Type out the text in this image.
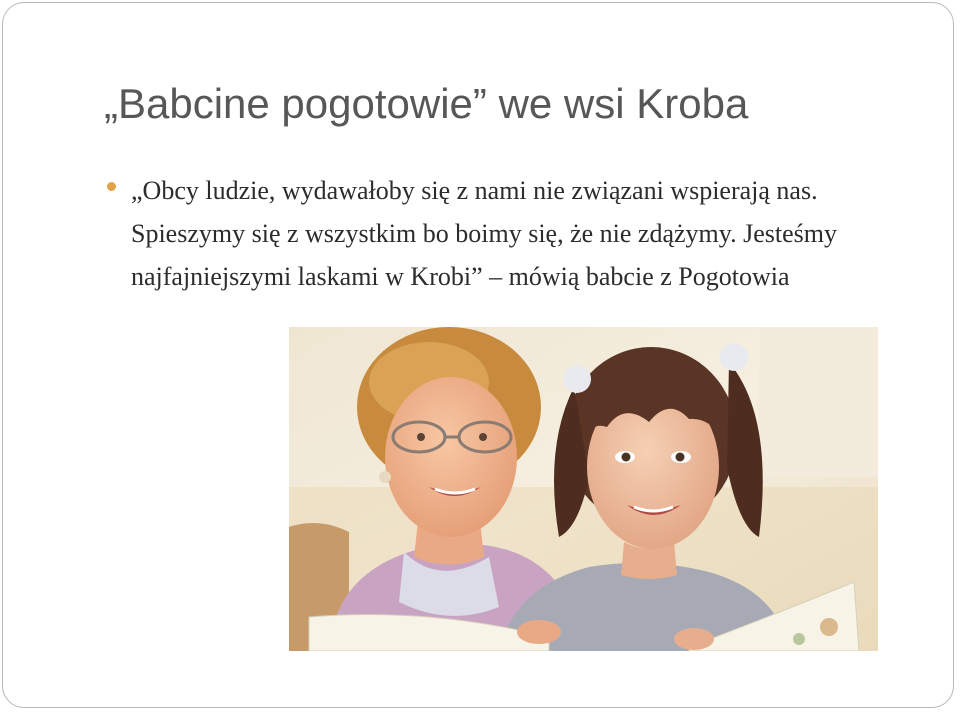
„Babcine pogotowie” we wsi Kroba

„Obcy ludzie, wydawałoby się z nami nie związani wspierają nas. Spieszymy się z wszystkim bo boimy się, że nie zdążymy. Jesteśmy najfajniejszymi laskami w Krobi” – mówią babcie z Pogotowia
